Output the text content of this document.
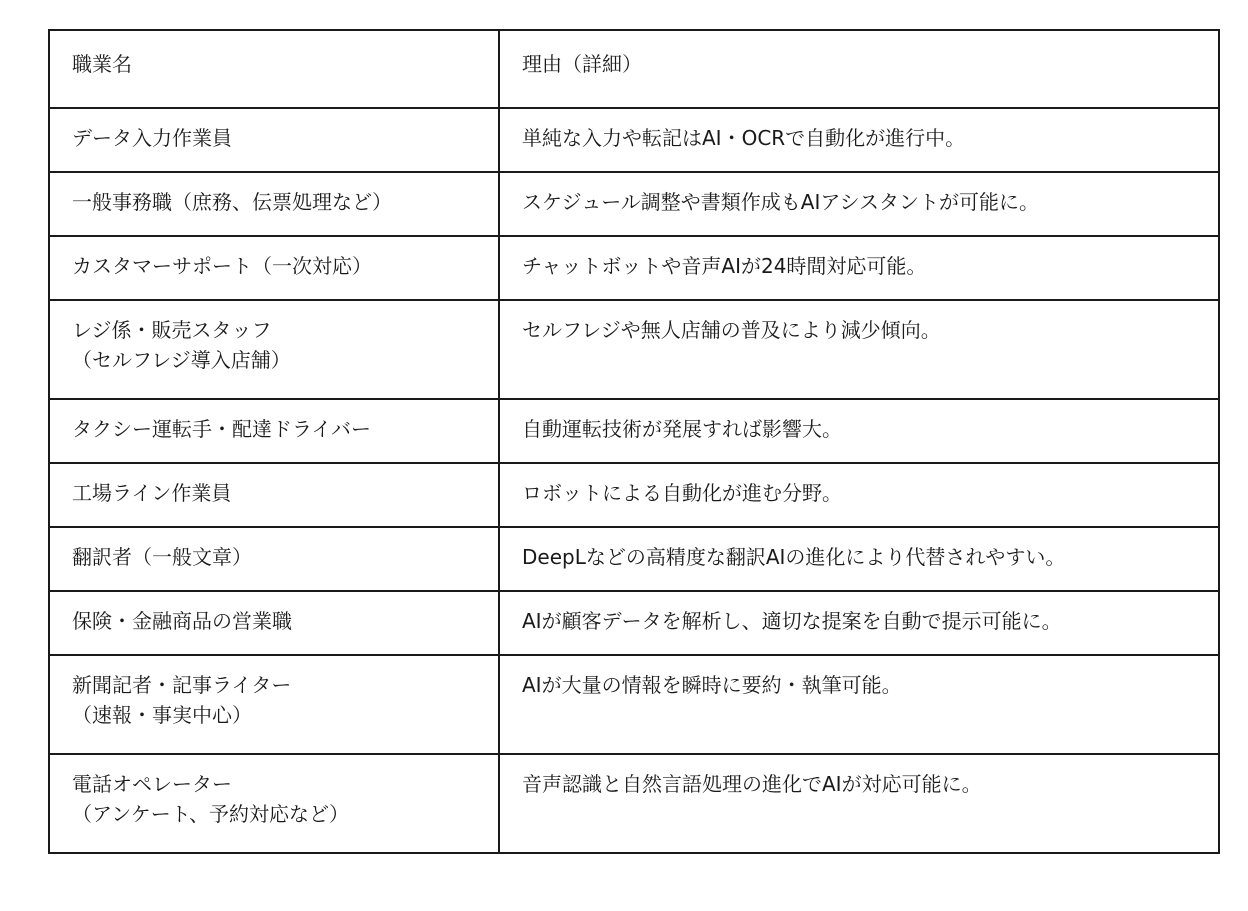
職業名	理由（詳細）

データ入力作業員	単純な入力や転記はAI・OCRで自動化が進行中。

一般事務職（庶務、伝票処理など）	スケジュール調整や書類作成もAIアシスタントが可能に。

カスタマーサポート（一次対応）	チャットボットや音声AIが24時間対応可能。

レジ係・販売スタッフ
（セルフレジ導入店舗）	セルフレジや無人店舗の普及により減少傾向。

タクシー運転手・配達ドライバー	自動運転技術が発展すれば影響大。

工場ライン作業員	ロボットによる自動化が進む分野。

翻訳者（一般文章）	DeepLなどの高精度な翻訳AIの進化により代替されやすい。

保険・金融商品の営業職	AIが顧客データを解析し、適切な提案を自動で提示可能に。

新聞記者・記事ライター
（速報・事実中心）	AIが大量の情報を瞬時に要約・執筆可能。

電話オペレーター
（アンケート、予約対応など）	音声認識と自然言語処理の進化でAIが対応可能に。
